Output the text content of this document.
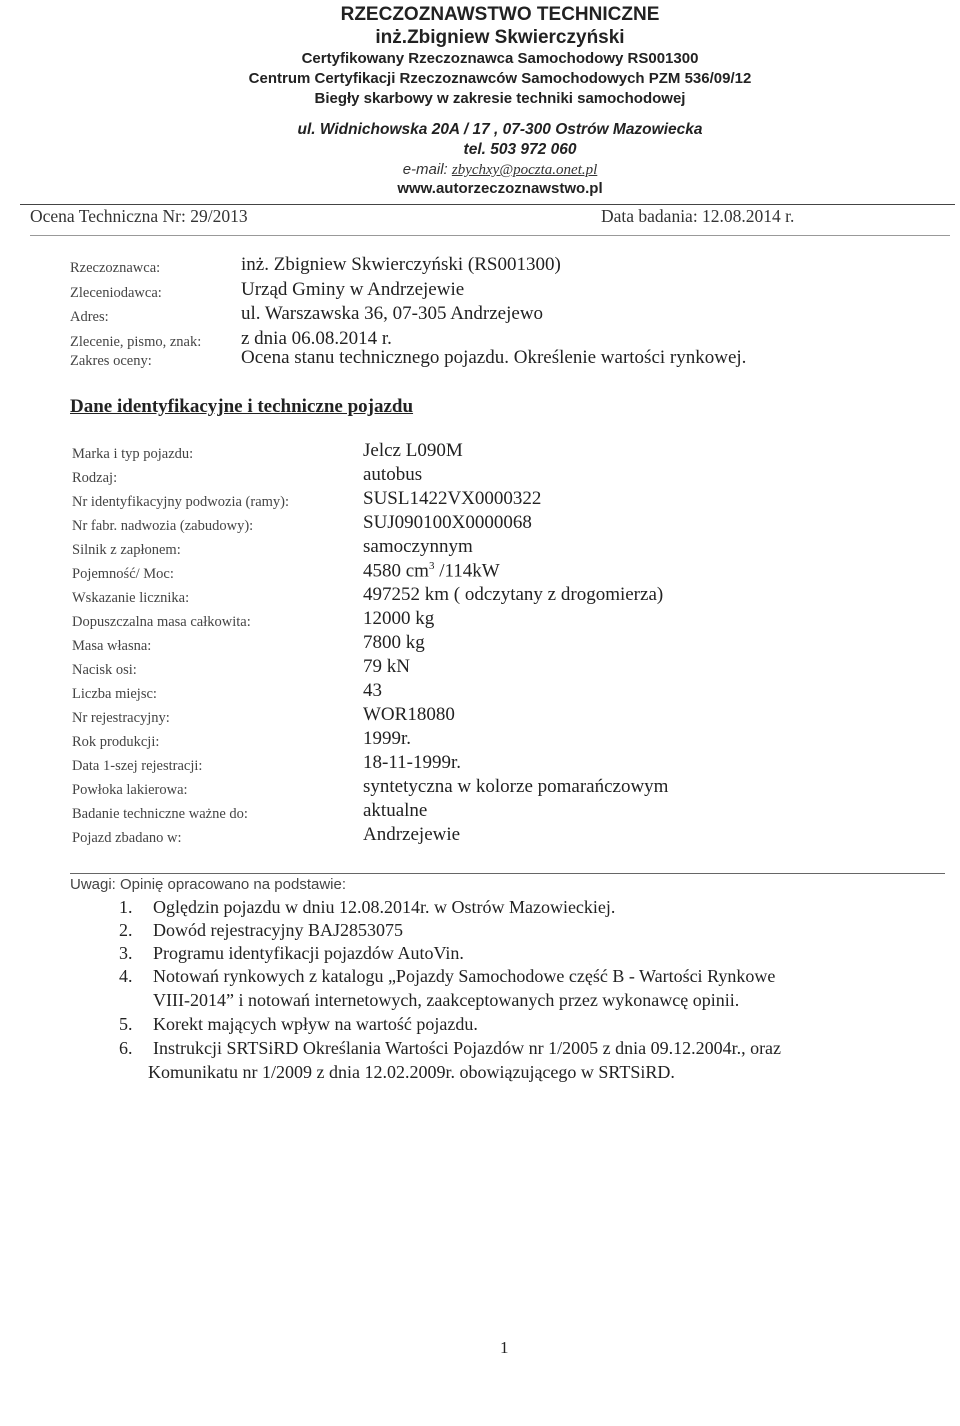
RZECZOZNAWSTWO TECHNICZNE
inż.Zbigniew Skwierczyński
Certyfikowany Rzeczoznawca Samochodowy RS001300
Centrum Certyfikacji Rzeczoznawców Samochodowych PZM 536/09/12
Biegły skarbowy w zakresie techniki samochodowej
ul. Widnichowska 20A / 17 , 07-300 Ostrów Mazowiecka
tel. 503 972 060
e-mail: zbychxy@poczta.onet.pl
www.autorzeczoznawstwo.pl
Ocena Techniczna Nr: 29/2013	Data badania: 12.08.2014 r.
Rzeczoznawca:	inż. Zbigniew Skwierczyński (RS001300)
Zleceniodawca:	Urząd Gminy w Andrzejewie
Adres:	ul. Warszawska 36, 07-305 Andrzejewo
Zlecenie, pismo, znak: z dnia 06.08.2014 r.
Zakres oceny:	Ocena stanu technicznego pojazdu. Określenie wartości rynkowej.
Dane identyfikacyjne i techniczne pojazdu
Marka i typ pojazdu:	Jelcz L090M
Rodzaj:	autobus
Nr identyfikacyjny podwozia (ramy):	SUSL1422VX0000322
Nr fabr. nadwozia (zabudowy):	SUJ090100X0000068
Silnik z zapłonem:	samoczynnym
Pojemność/ Moc:	4580 $cm^3$ /114kW
Wskazanie licznika:	497252 km ( odczytany z drogomierza)
Dopuszczalna masa całkowita:	12000 kg
Masa własna:	7800 kg
Nacisk osi:	79 kN
Liczba miejsc:	43
Nr rejestracyjny:	WOR18080
Rok produkcji:	1999r.
Data 1-szej rejestracji:	18-11-1999r.
Powłoka lakierowa:	syntetyczna w kolorze pomarańczowym
Badanie techniczne ważne do:	aktualne
Pojazd zbadano w:	Andrzejewie
Uwagi: Opinię opracowano na podstawie:
1. Oględzin pojazdu w dniu 12.08.2014r. w Ostrów Mazowieckiej.
2. Dowód rejestracyjny BAJ2853075
3. Programu identyfikacji pojazdów AutoVin.
4. Notowań rynkowych z katalogu „Pojazdy Samochodowe część B - Wartości Rynkowe
VIII-2014” i notowań internetowych, zaakceptowanych przez wykonawcę opinii.
5. Korekt mających wpływ na wartość pojazdu.
6. Instrukcji SRTSiRD Określania Wartości Pojazdów nr 1/2005 z dnia 09.12.2004r., oraz
Komunikatu nr 1/2009 z dnia 12.02.2009r. obowiązującego w SRTSiRD.
1
